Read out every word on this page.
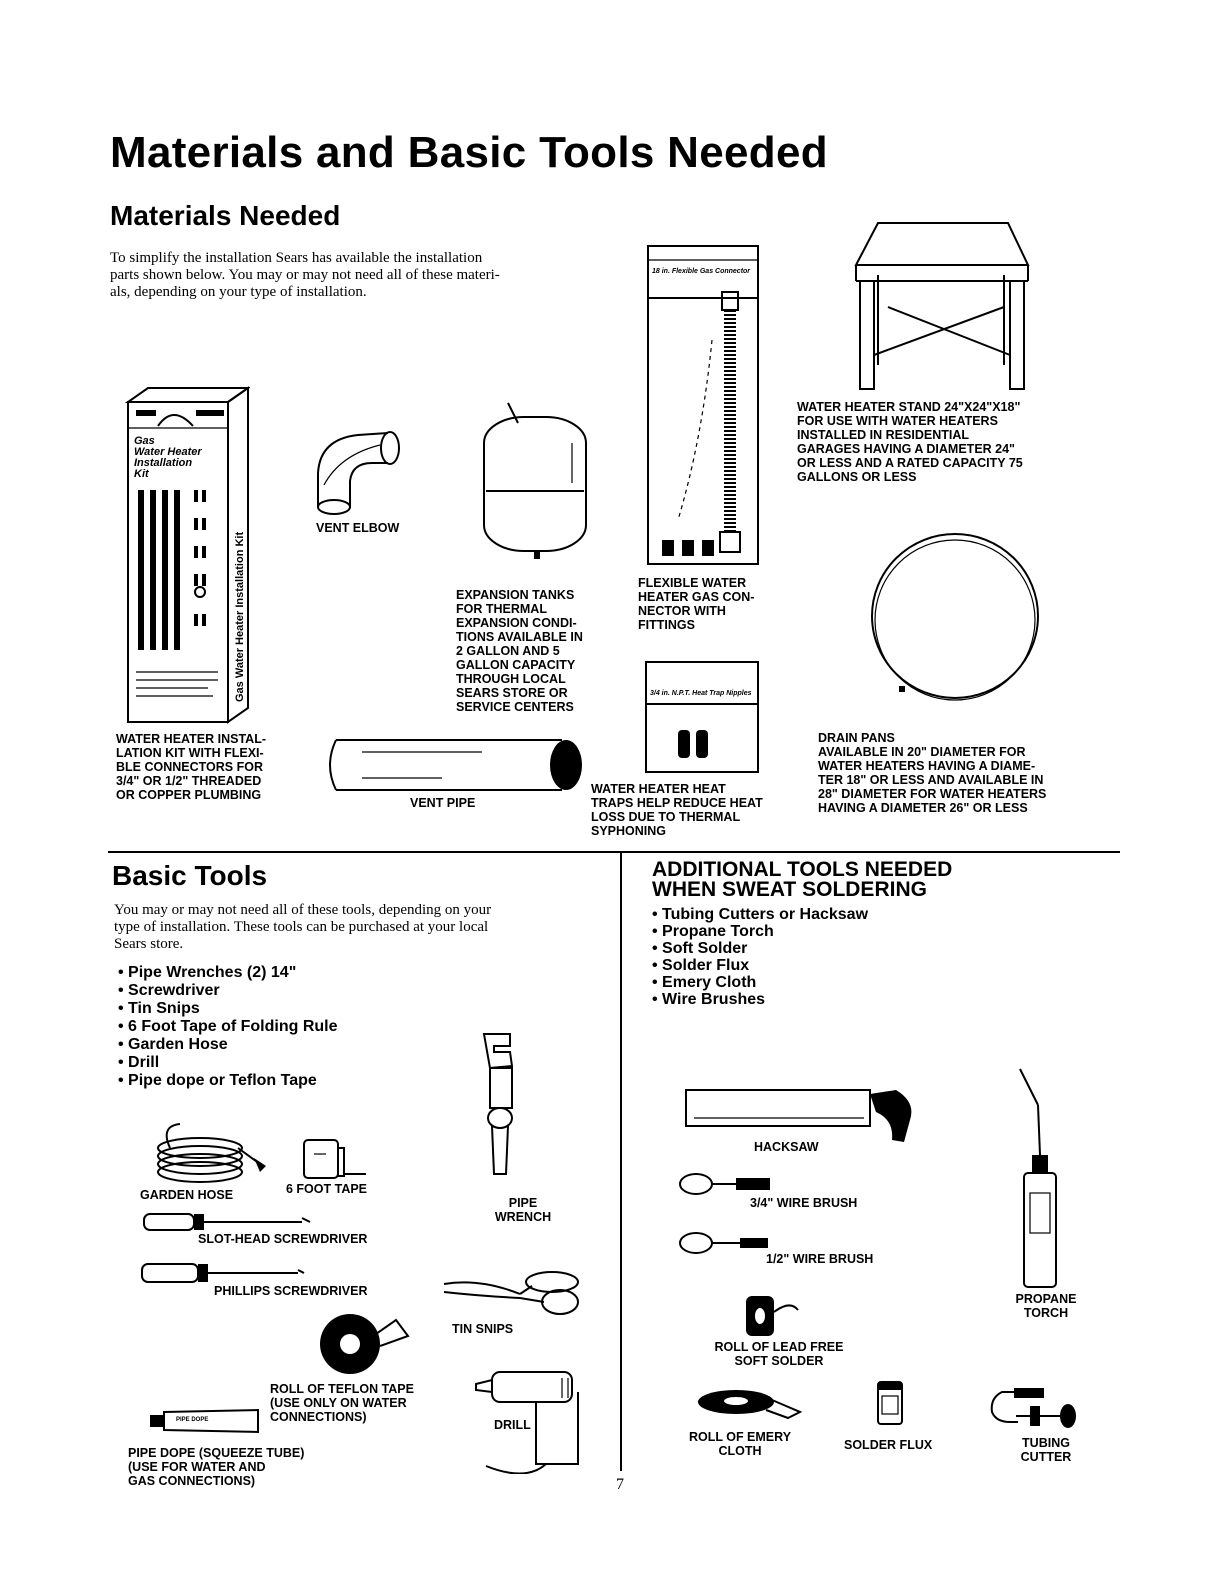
Materials and Basic Tools Needed
Materials Needed
To simplify the installation Sears has available the installation
parts shown below. You may or may not need all of these materi-
als, depending on your type of installation.
Gas Water Heater Installation Kit
Gas
Water Heater
Installation
Kit
WATER HEATER INSTAL-
LATION KIT WITH FLEXI-
BLE CONNECTORS FOR
3/4" OR 1/2" THREADED
OR COPPER PLUMBING
VENT ELBOW
EXPANSION TANKS
FOR THERMAL
EXPANSION CONDI-
TIONS AVAILABLE IN
2 GALLON AND 5
GALLON CAPACITY
THROUGH LOCAL
SEARS STORE OR
SERVICE CENTERS
18 in. Flexible Gas Connector
FLEXIBLE WATER
HEATER GAS CON-
NECTOR WITH
FITTINGS
WATER HEATER STAND 24"X24"X18"
FOR USE WITH WATER HEATERS
INSTALLED IN RESIDENTIAL
GARAGES HAVING A DIAMETER 24"
OR LESS AND A RATED CAPACITY 75
GALLONS OR LESS
DRAIN PANS
AVAILABLE IN 20" DIAMETER FOR
WATER HEATERS HAVING A DIAME-
TER 18" OR LESS AND AVAILABLE IN
28" DIAMETER FOR WATER HEATERS
HAVING A DIAMETER 26" OR LESS
VENT PIPE
3/4 in. N.P.T. Heat Trap Nipples
WATER HEATER HEAT
TRAPS HELP REDUCE HEAT
LOSS DUE TO THERMAL
SYPHONING
Basic Tools
You may or may not need all of these tools, depending on your
type of installation. These tools can be purchased at your local
Sears store.
• Pipe Wrenches (2) 14"
• Screwdriver
• Tin Snips
• 6 Foot Tape of Folding Rule
• Garden Hose
• Drill
• Pipe dope or Teflon Tape
GARDEN HOSE	6 FOOT TAPE
PIPE
WRENCH
SLOT-HEAD SCREWDRIVER
PHILLIPS SCREWDRIVER
TIN SNIPS
ROLL OF TEFLON TAPE
(USE ONLY ON WATER
CONNECTIONS)
DRILL
PIPE DOPE
PIPE DOPE (SQUEEZE TUBE)
(USE FOR WATER AND
GAS CONNECTIONS)
ADDITIONAL TOOLS NEEDED
WHEN SWEAT SOLDERING
• Tubing Cutters or Hacksaw
• Propane Torch
• Soft Solder
• Solder Flux
• Emery Cloth
• Wire Brushes
HACKSAW
3/4" WIRE BRUSH
1/2" WIRE BRUSH
PROPANE
TORCH
ROLL OF LEAD FREE
SOFT SOLDER
ROLL OF EMERY
CLOTH	SOLDER FLUX	TUBING
CUTTER
7
